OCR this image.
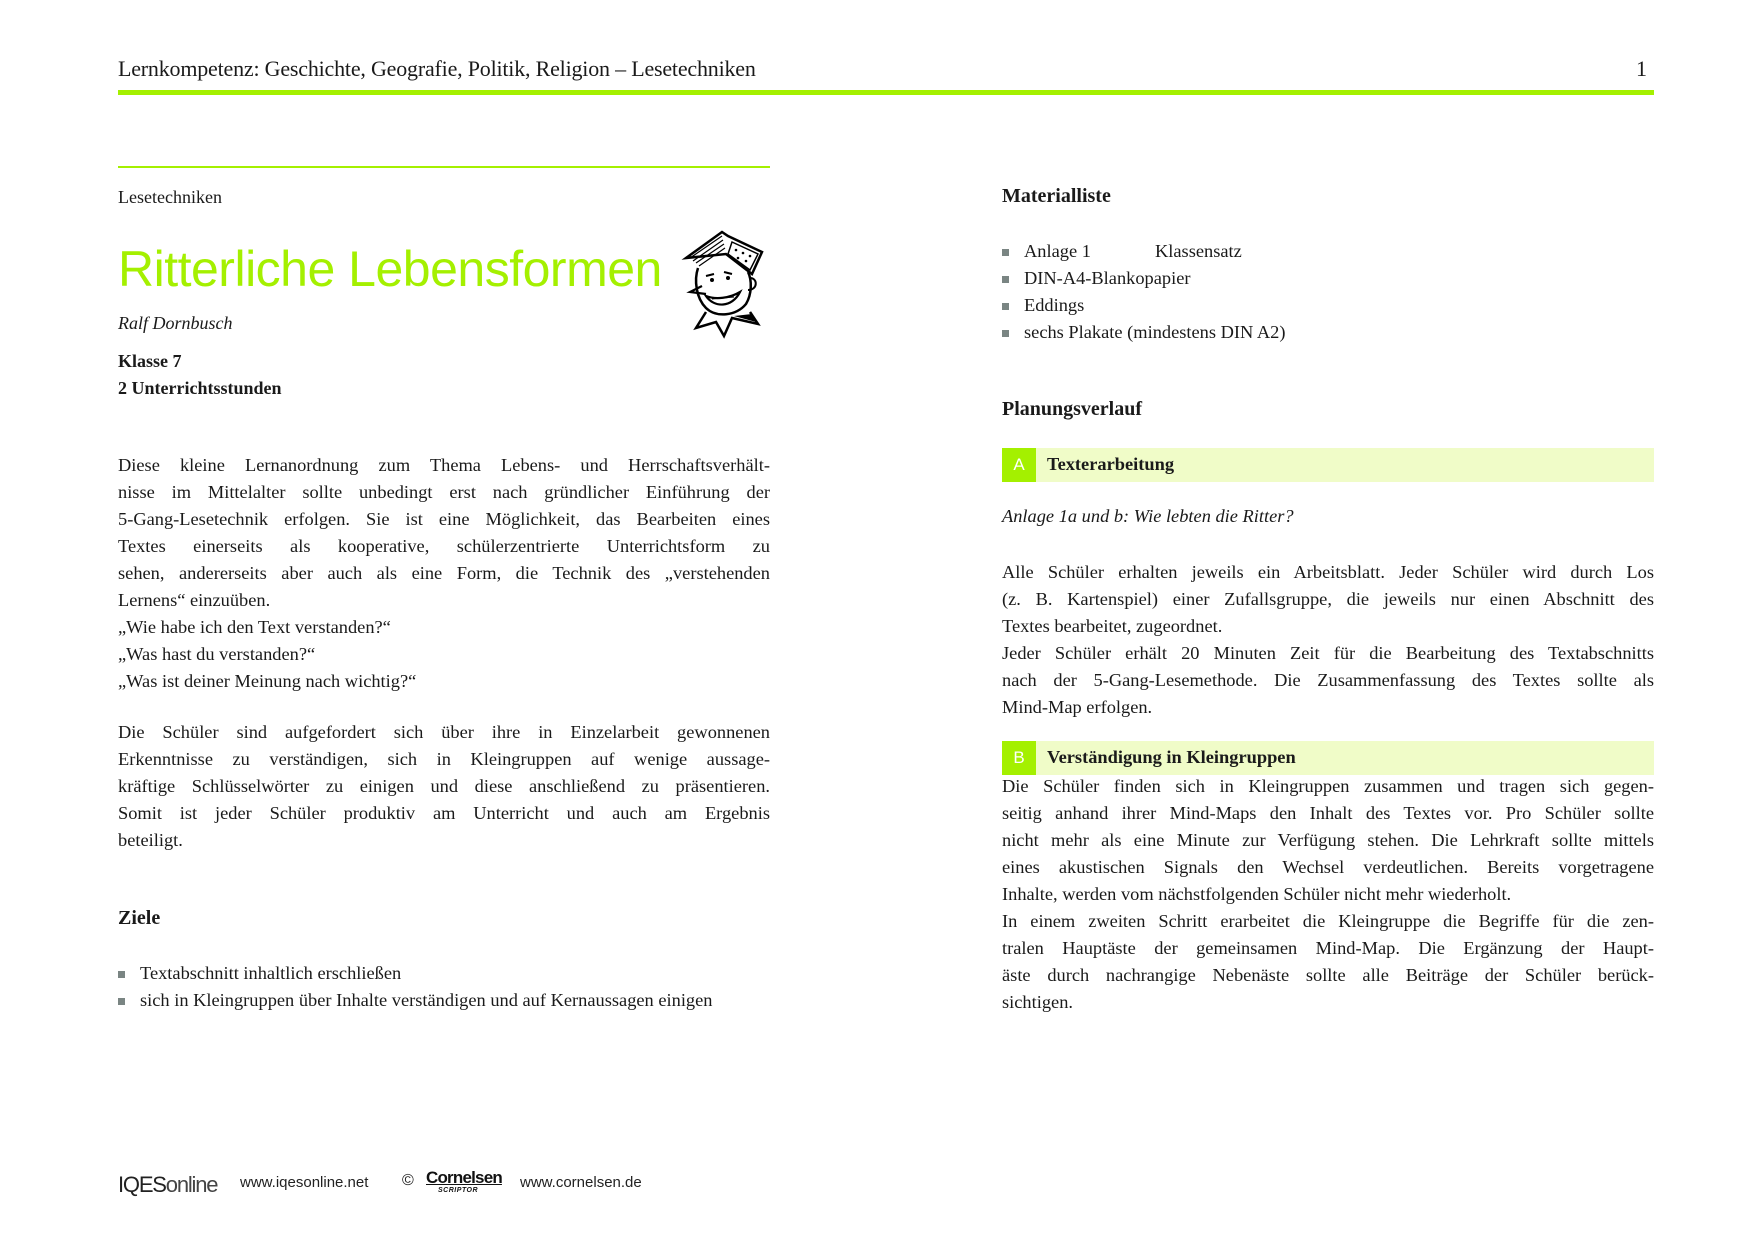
Lernkompetenz: Geschichte, Geografie, Politik, Religion – Lesetechniken	1
Lesetechniken
Ritterliche Lebensformen
Ralf Dornbusch
Klasse 7
2 Unterrichtsstunden
Diese kleine Lernanordnung zum Thema Lebens- und Herrschaftsverhält-
nisse im Mittelalter sollte unbedingt erst nach gründlicher Einführung der
5-Gang-Lesetechnik erfolgen. Sie ist eine Möglichkeit, das Bearbeiten eines
Textes einerseits als kooperative, schülerzentrierte Unterrichtsform zu
sehen, andererseits aber auch als eine Form, die Technik des „verstehenden
Lernens“ einzuüben.
„Wie habe ich den Text verstanden?“
„Was hast du verstanden?“
„Was ist deiner Meinung nach wichtig?“
Die Schüler sind aufgefordert sich über ihre in Einzelarbeit gewonnenen
Erkenntnisse zu verständigen, sich in Kleingruppen auf wenige aussage-
kräftige Schlüsselwörter zu einigen und diese anschließend zu präsentieren.
Somit ist jeder Schüler produktiv am Unterricht und auch am Ergebnis
beteiligt.
Ziele
Textabschnitt inhaltlich erschließen
sich in Kleingruppen über Inhalte verständigen und auf Kernaussagen einigen
Materialliste
Anlage 1	Klassensatz
DIN-A4-Blankopapier
Eddings
sechs Plakate (mindestens DIN A2)
Planungsverlauf
A	Texterarbeitung
Anlage 1a und b: Wie lebten die Ritter?
Alle Schüler erhalten jeweils ein Arbeitsblatt. Jeder Schüler wird durch Los
(z. B. Kartenspiel) einer Zufallsgruppe, die jeweils nur einen Abschnitt des
Textes bearbeitet, zugeordnet.
Jeder Schüler erhält 20 Minuten Zeit für die Bearbeitung des Textabschnitts
nach der 5-Gang-Lesemethode. Die Zusammenfassung des Textes sollte als
Mind-Map erfolgen.
B	Verständigung in Kleingruppen
Die Schüler finden sich in Kleingruppen zusammen und tragen sich gegen-
seitig anhand ihrer Mind-Maps den Inhalt des Textes vor. Pro Schüler sollte
nicht mehr als eine Minute zur Verfügung stehen. Die Lehrkraft sollte mittels
eines akustischen Signals den Wechsel verdeutlichen. Bereits vorgetragene
Inhalte, werden vom nächstfolgenden Schüler nicht mehr wiederholt.
In einem zweiten Schritt erarbeitet die Kleingruppe die Begriffe für die zen-
tralen Hauptäste der gemeinsamen Mind-Map. Die Ergänzung der Haupt-
äste durch nachrangige Nebenäste sollte alle Beiträge der Schüler berück-
sichtigen.
IQESonline www.iqesonline.net © Cornelsen
SCRIPTOR	www.cornelsen.de
